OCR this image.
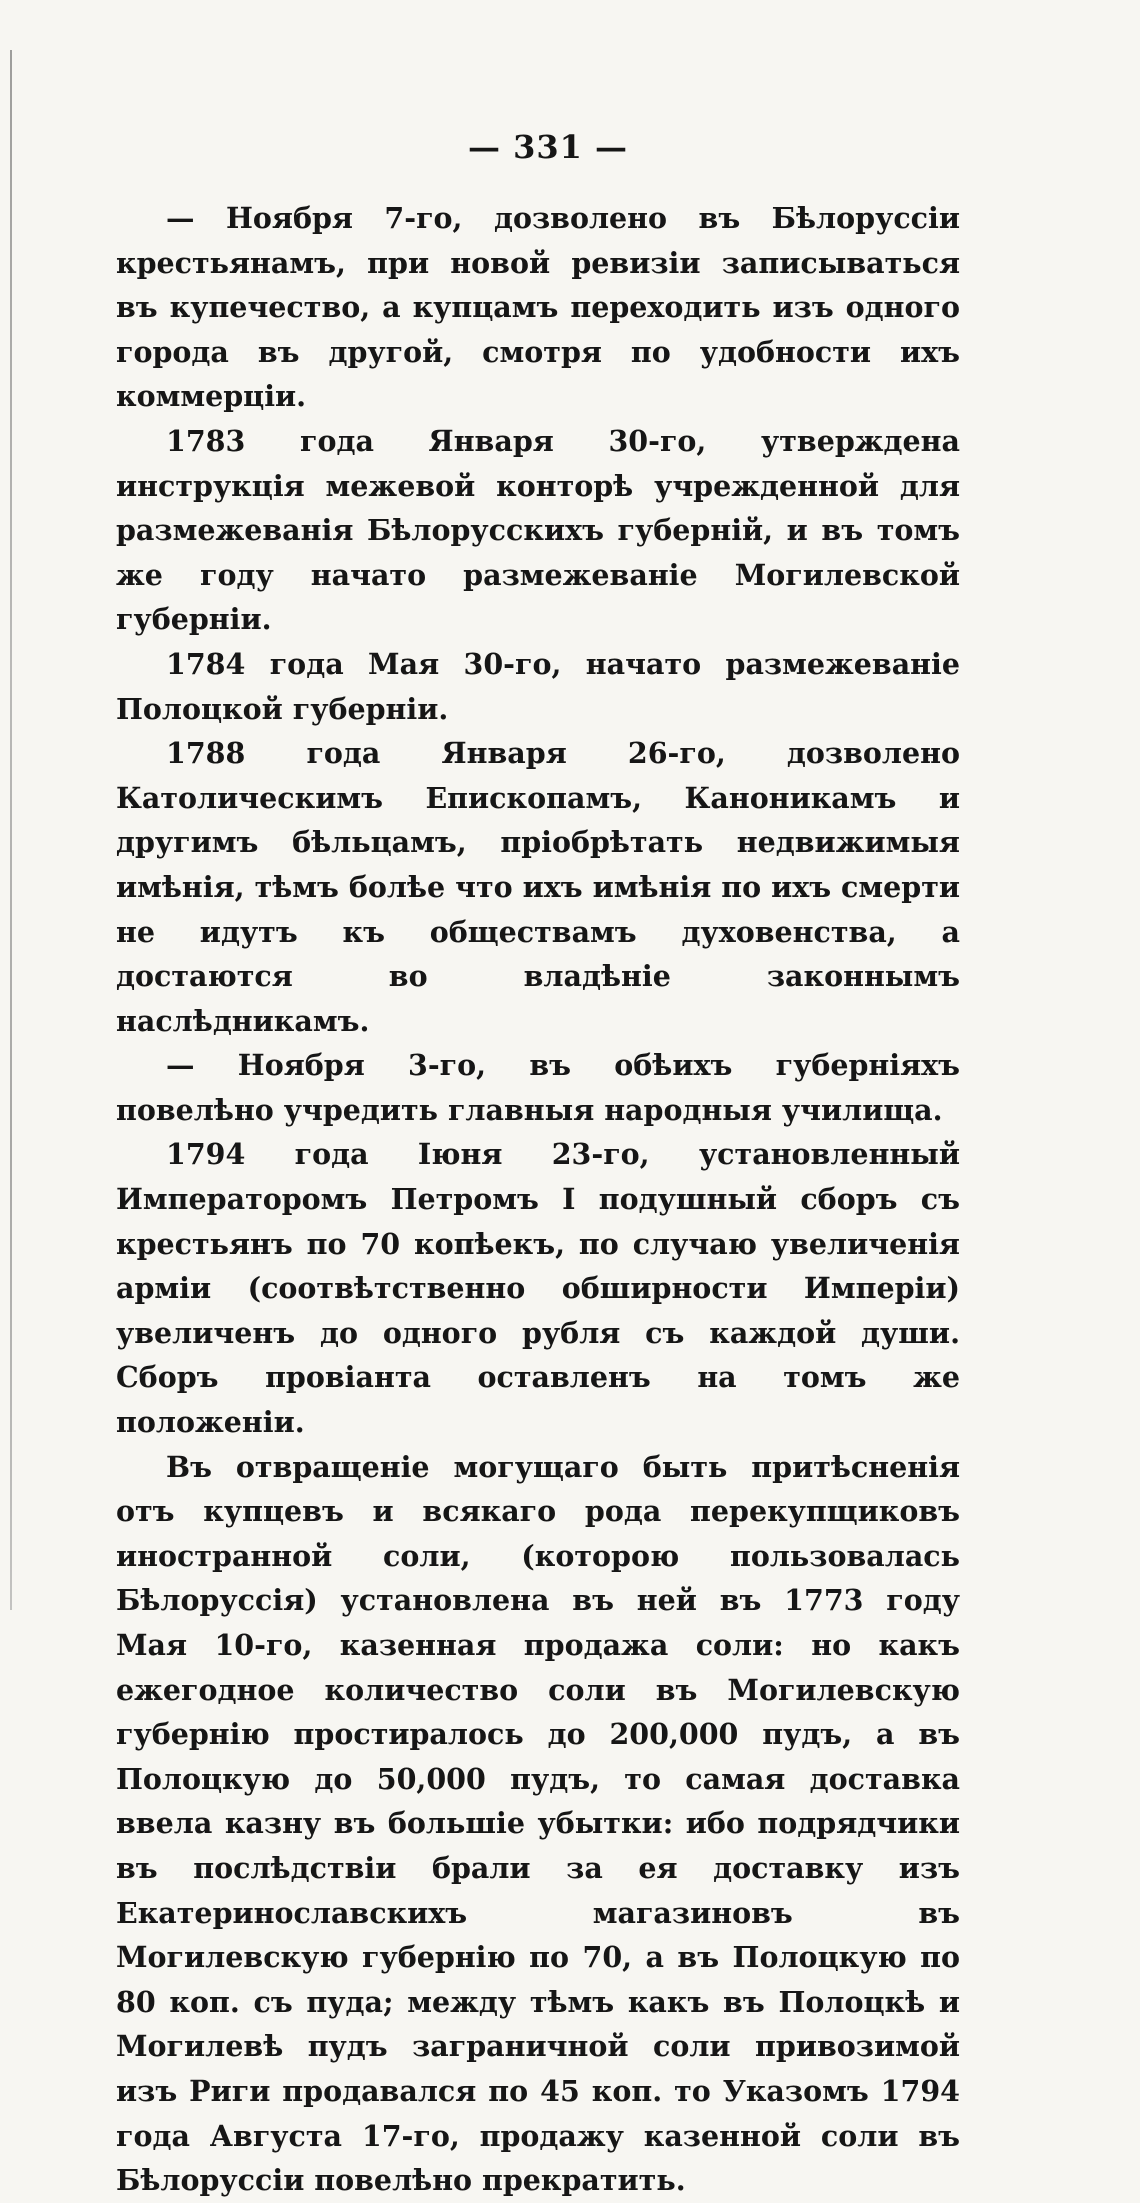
— 331 —

— Ноября 7-го, дозволено въ Бѣлоруссіи крестьянамъ, при новой ревизіи записываться въ купечество, а купцамъ переходить изъ одного города въ другой, смотря по удобности ихъ коммерціи.

1783 года Января 30-го, утверждена инструкція межевой конторѣ учрежденной для размежеванія Бѣлорусскихъ губерній, и въ томъ же году начато размежеваніе Могилевской губерніи.

1784 года Мая 30-го, начато размежеваніе Полоцкой губерніи.

1788 года Января 26-го, дозволено Католическимъ Епископамъ, Каноникамъ и другимъ бѣльцамъ, пріобрѣтать недвижимыя имѣнія, тѣмъ болѣе что ихъ имѣнія по ихъ смерти не идутъ къ обществамъ духовенства, а достаются во владѣніе законнымъ наслѣдникамъ.

— Ноября 3-го, въ обѣихъ губерніяхъ повелѣно учредить главныя народныя училища.

1794 года Іюня 23-го, установленный Императоромъ Петромъ I подушный сборъ съ крестьянъ по 70 копѣекъ, по случаю увеличенія арміи (соотвѣтственно обширности Имперіи) увеличенъ до одного рубля съ каждой души. Сборъ провіанта оставленъ на томъ же положеніи.

Въ отвращеніе могущаго быть притѣсненія отъ купцевъ и всякаго рода перекупщиковъ иностранной соли, (которою пользовалась Бѣлоруссія) установлена въ ней въ 1773 году Мая 10-го, казенная продажа соли: но какъ ежегодное количество соли въ Могилевскую губернію простиралось до 200,000 пудъ, а въ Полоцкую до 50,000 пудъ, то самая доставка ввела казну въ большіе убытки: ибо подрядчики въ послѣдствіи брали за ея доставку изъ Екатеринославскихъ магазиновъ въ Могилевскую губернію по 70, а въ Полоцкую по 80 коп. съ пуда; между тѣмъ какъ въ Полоцкѣ и Могилевѣ пудъ заграничной соли привозимой изъ Риги продавался по 45 коп. то Указомъ 1794 года Августа 17-го, продажу казенной соли въ Бѣлоруссіи повелѣно прекратить.
